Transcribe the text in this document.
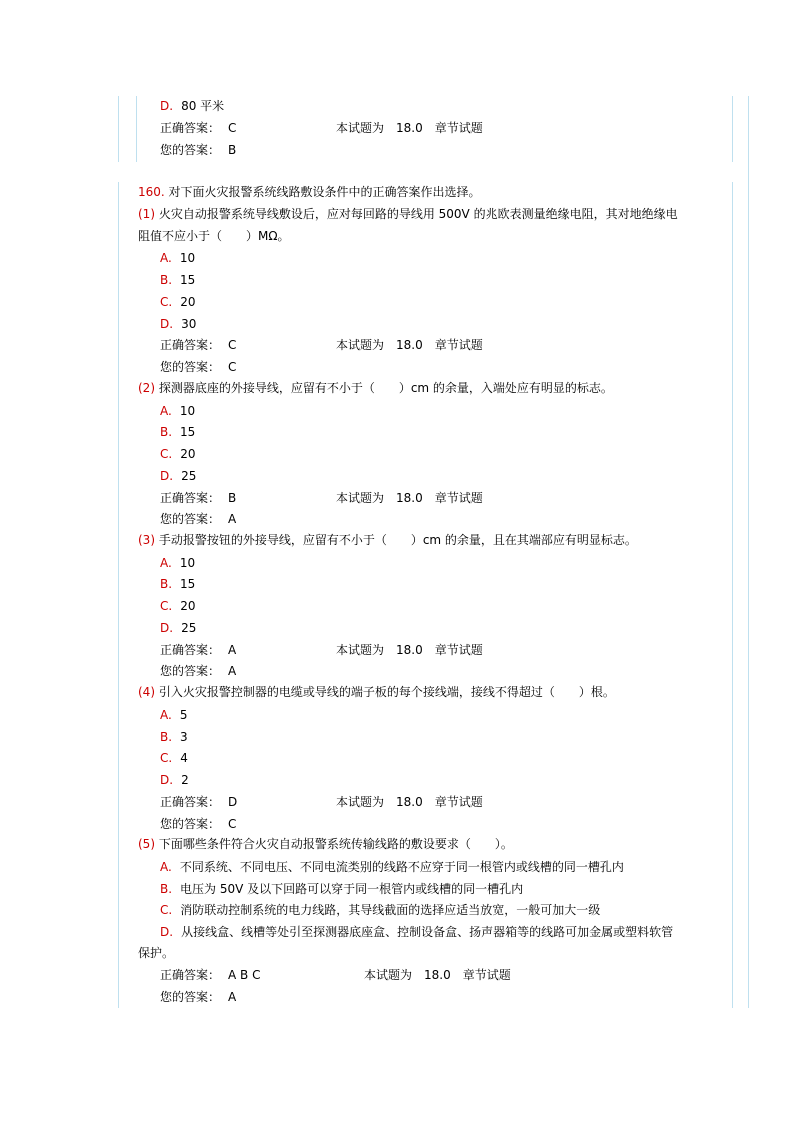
D. 80 平米
正确答案： C	本试题为 18.0 章节试题
您的答案： B
160. 对下面火灾报警系统线路敷设条件中的正确答案作出选择。
(1) 火灾自动报警系统导线敷设后，应对每回路的导线用 500V 的兆欧表测量绝缘电阻，其对地绝缘电
阻值不应小于（　　）MΩ。
A. 10
B. 15
C. 20
D. 30
正确答案： C	本试题为 18.0 章节试题
您的答案： C
(2) 探测器底座的外接导线，应留有不小于（　　）cm 的余量，入端处应有明显的标志。
A. 10
B. 15
C. 20
D. 25
正确答案： B	本试题为 18.0 章节试题
您的答案： A
(3) 手动报警按钮的外接导线，应留有不小于（　　）cm 的余量，且在其端部应有明显标志。
A. 10
B. 15
C. 20
D. 25
正确答案： A	本试题为 18.0 章节试题
您的答案： A
(4) 引入火灾报警控制器的电缆或导线的端子板的每个接线端，接线不得超过（　　）根。
A. 5
B. 3
C. 4
D. 2
正确答案： D	本试题为 18.0 章节试题
您的答案： C
(5) 下面哪些条件符合火灾自动报警系统传输线路的敷设要求（　　）。
A. 不同系统、不同电压、不同电流类别的线路不应穿于同一根管内或线槽的同一槽孔内
B. 电压为 50V 及以下回路可以穿于同一根管内或线槽的同一槽孔内
C. 消防联动控制系统的电力线路，其导线截面的选择应适当放宽，一般可加大一级
D. 从接线盒、线槽等处引至探测器底座盒、控制设备盒、扬声器箱等的线路可加金属或塑料软管
保护。
正确答案： A B C	本试题为 18.0 章节试题
您的答案： A
